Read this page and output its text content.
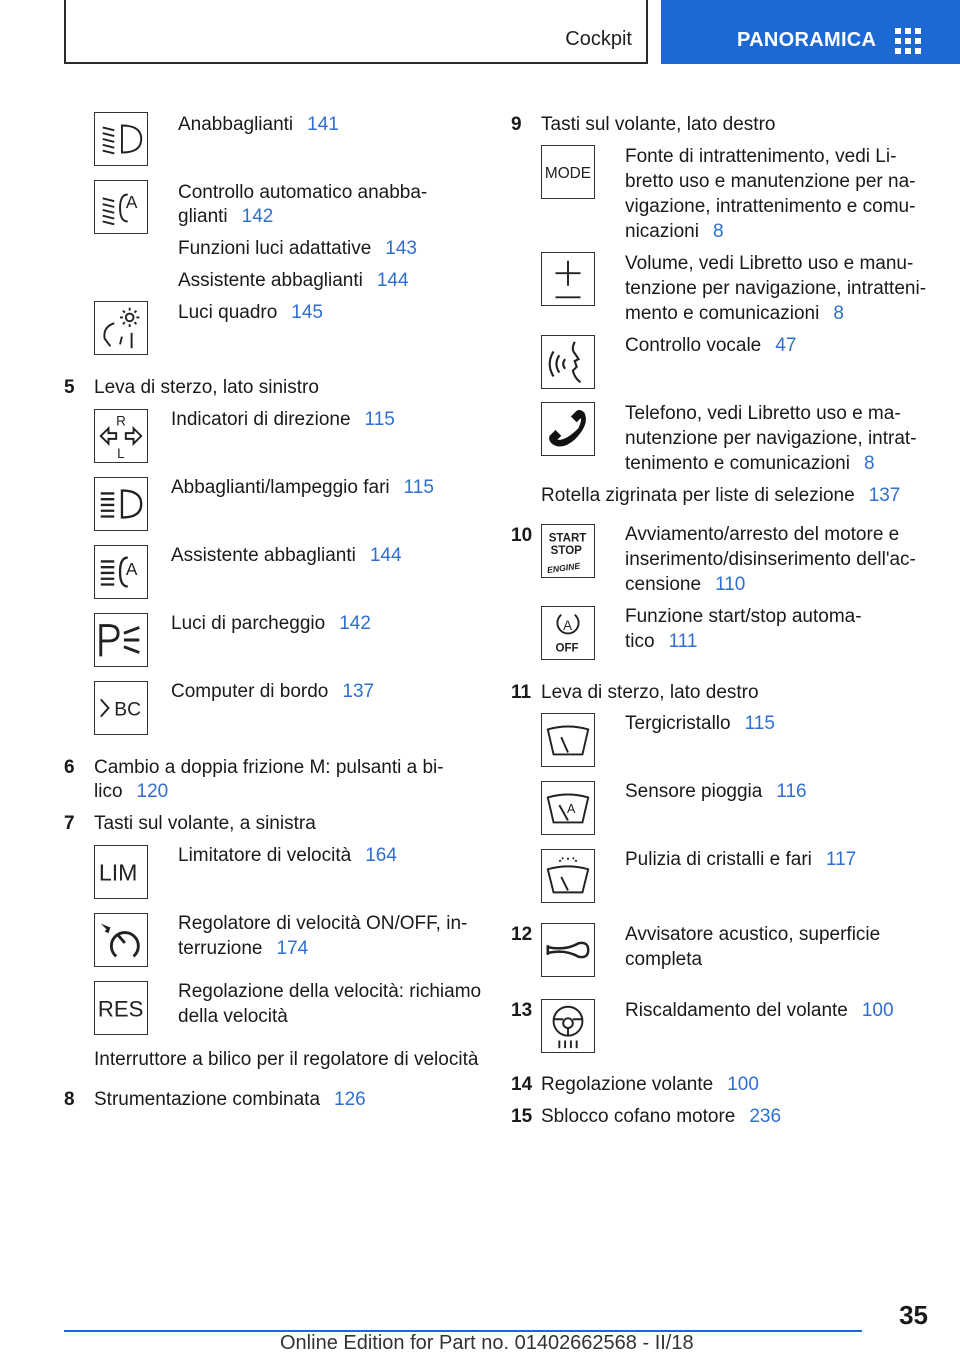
Cockpit	PANORAMICA
Anabbaglianti 141
A Controllo automatico anabba-
glianti 142
Funzioni luci adattative 143
Assistente abbaglianti 144
Luci quadro 145
5 Leva di sterzo, lato sinistro
R
L
Indicatori di direzione 115
Abbaglianti/lampeggio fari 115
A
Assistente abbaglianti 144
Luci di parcheggio 142
BC
Computer di bordo 137
6 Cambio a doppia frizione M: pulsanti a bi-
lico 120
7 Tasti sul volante, a sinistra
LIM
Limitatore di velocità 164
Regolatore di velocità ON/OFF, in-
terruzione 174
RES
Regolazione della velocità: richiamo
della velocità
Interruttore a bilico per il regolatore di velocità
8 Strumentazione combinata 126
9 Tasti sul volante, lato destro
MODE
Fonte di intrattenimento, vedi Li-
bretto uso e manutenzione per na-
vigazione, intrattenimento e comu-
nicazioni 8
Volume, vedi Libretto uso e manu-
tenzione per navigazione, intratteni-
mento e comunicazioni 8
Controllo vocale 47
Telefono, vedi Libretto uso e ma-
nutenzione per navigazione, intrat-
tenimento e comunicazioni 8
Rotella zigrinata per liste di selezione 137
10 START
STOP
ENGINE
Avviamento/arresto del motore e
inserimento/disinserimento dell'ac-
censione 110
A
OFF
Funzione start/stop automa-
tico 111
11 Leva di sterzo, lato destro
Tergicristallo 115
A
Sensore pioggia 116
Pulizia di cristalli e fari 117
12	Avvisatore acustico, superficie
completa
13	Riscaldamento del volante 100
14 Regolazione volante 100
15 Sblocco cofano motore 236
35
Online Edition for Part no. 01402662568 - II/18
